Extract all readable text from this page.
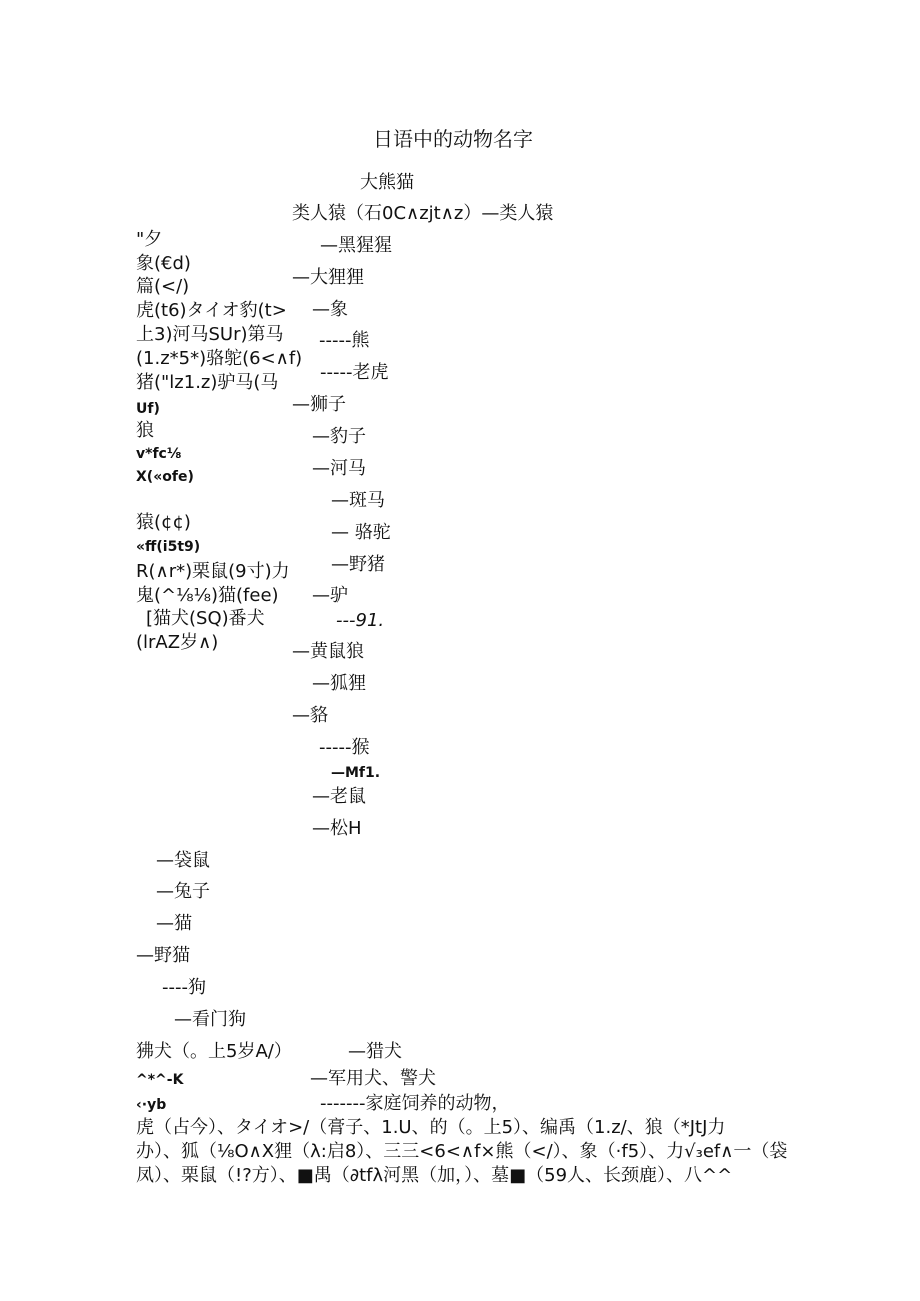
日语中的动物名字
大熊猫
类人猿（石0C∧zjt∧z）—类人猿
—黑猩猩
—大狸狸
—象
-----熊
-----老虎
—狮子
—豹子
—河马
—斑马
— 骆驼
—野猪
—驴
---91.
—黄鼠狼
—狐狸
—貉
-----猴
—Mf1.
—老鼠
—松H
"夕
象(€d)
篇(</)
虎(t6)タイオ豹(t>
上3)河马SUr)第马
(1.z*5*)骆鸵(6<∧f)
猪("lz1.z)驴马(马
Uf)
狼
v*fc⅛
X(«ofe)
猿(¢¢)
«ff(i5t9)
R(∧r*)栗鼠(9寸)力
鬼(^⅛⅛)猫(fee)
[猫犬(SQ)番犬
(lrAZ岁∧)
—袋鼠
—兔子
—猫
—野猫
----狗
—看门狗
狒犬（。上5岁A/）
^*^-K
‹·yb
—猎犬
—军用犬、警犬
-------家庭饲养的动物，
虎（占今）、タイオ>/（膏子、1.U、的（。上5）、编禹（1.z/、狼（*JtJ力
办）、狐（⅛O∧X狸（λ:启8）、三三<6<∧f×熊（</）、象（·f5）、力√₃ef∧一（袋
凤）、栗鼠（!?方）、■禺（∂tfλ河黑（加，）、墓■（59人、长颈鹿）、八^^
